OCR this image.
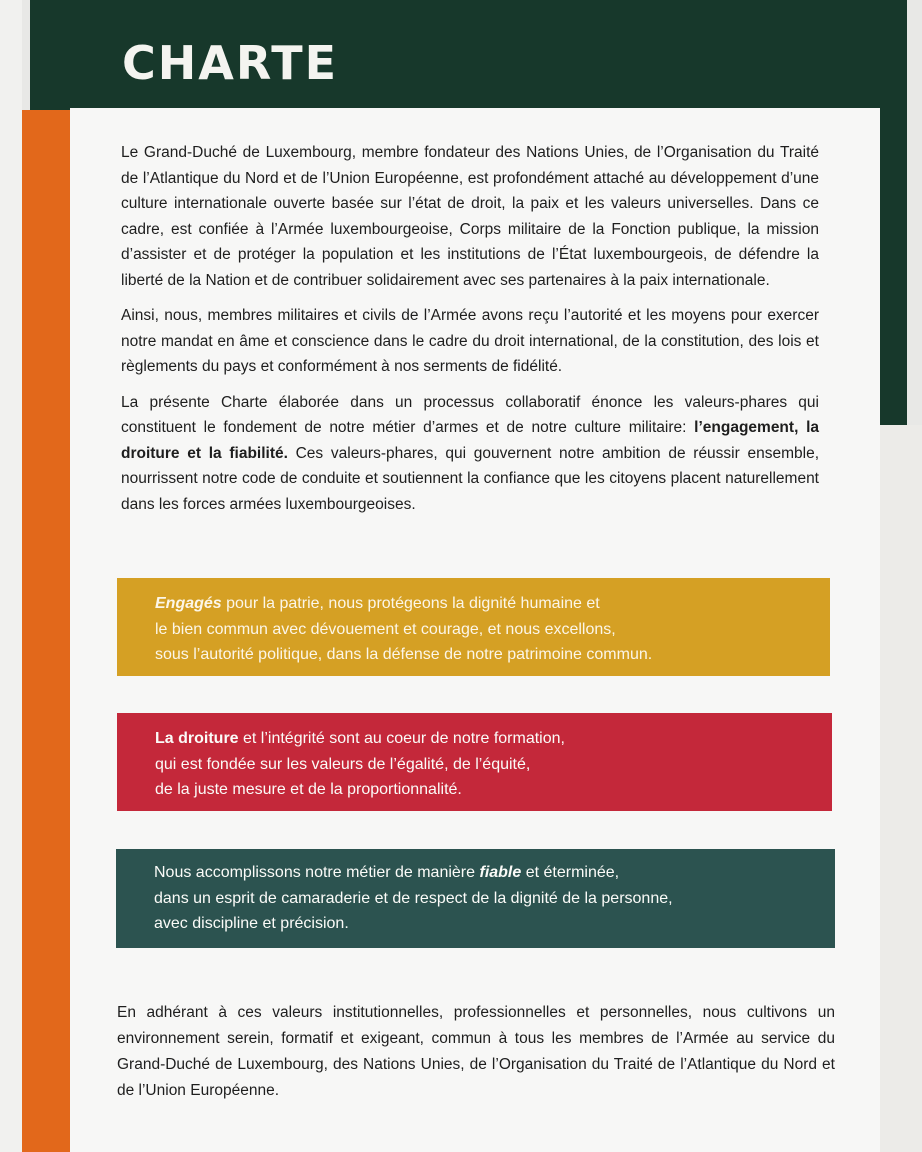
CHARTE

Le Grand-Duché de Luxembourg, membre fondateur des Nations Unies, de l’Organisation du Traité de l’Atlantique du Nord et de l’Union Européenne, est profondément attaché au développement d’une culture internationale ouverte basée sur l’état de droit, la paix et les valeurs universelles. Dans ce cadre, est confiée à l’Armée luxembourgeoise, Corps militaire de la Fonction publique, la mission d’assister et de protéger la population et les institutions de l’État luxembourgeois, de défendre la liberté de la Nation et de contribuer solidairement avec ses partenaires à la paix internationale.

Ainsi, nous, membres militaires et civils de l’Armée avons reçu l’autorité et les moyens pour exercer notre mandat en âme et conscience dans le cadre du droit international, de la constitution, des lois et règlements du pays et conformément à nos serments de fidélité.

La présente Charte élaborée dans un processus collaboratif énonce les valeurs-phares qui constituent le fondement de notre métier d’armes et de notre culture militaire: l’engagement, la droiture et la fiabilité. Ces valeurs-phares, qui gouvernent notre ambition de réussir ensemble, nourrissent notre code de conduite et soutiennent la confiance que les citoyens placent naturellement dans les forces armées luxembourgeoises.

Engagés pour la patrie, nous protégeons la dignité humaine et

le bien commun avec dévouement et courage, et nous excellons,

sous l’autorité politique, dans la défense de notre patrimoine commun.

La droiture et l’intégrité sont au coeur de notre formation,

qui est fondée sur les valeurs de l’égalité, de l’équité,

de la juste mesure et de la proportionnalité.

Nous accomplissons notre métier de manière fiable et éterminée,

dans un esprit de camaraderie et de respect de la dignité de la personne,

avec discipline et précision.

En adhérant à ces valeurs institutionnelles, professionnelles et personnelles, nous cultivons un environnement serein, formatif et exigeant, commun à tous les membres de l’Armée au service du Grand-Duché de Luxembourg, des Nations Unies, de l’Organisation du Traité de l’Atlantique du Nord et de l’Union Européenne.
